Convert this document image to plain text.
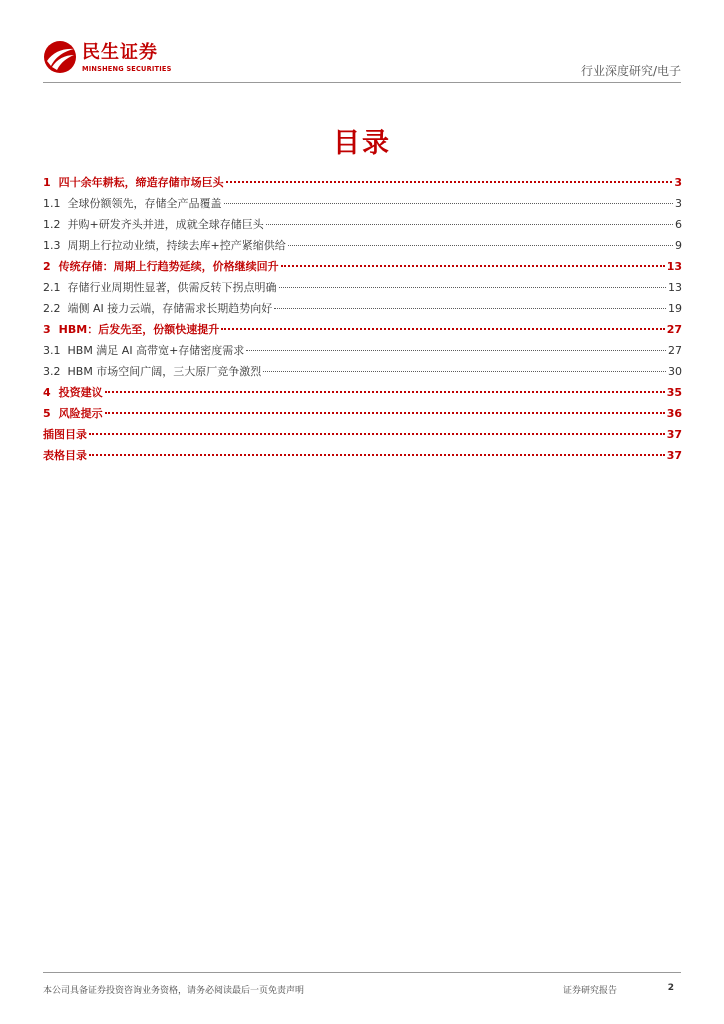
民生证券
MINSHENG SECURITIES	行业深度研究/电子
目录
1 四十余年耕耘，缔造存储市场巨头	3
1.1 全球份额领先，存储全产品覆盖	3
1.2 并购+研发齐头并进，成就全球存储巨头	6
1.3 周期上行拉动业绩，持续去库+控产紧缩供给	9
2 传统存储：周期上行趋势延续，价格继续回升	13
2.1 存储行业周期性显著，供需反转下拐点明确	13
2.2 端侧 AI 接力云端，存储需求长期趋势向好	19
3 HBM：后发先至，份额快速提升	27
3.1 HBM 满足 AI 高带宽+存储密度需求	27
3.2 HBM 市场空间广阔，三大原厂竞争激烈	30
4 投资建议	35
5 风险提示	36
插图目录	37
表格目录	37
本公司具备证券投资咨询业务资格，请务必阅读最后一页免责声明	证券研究报告	2
